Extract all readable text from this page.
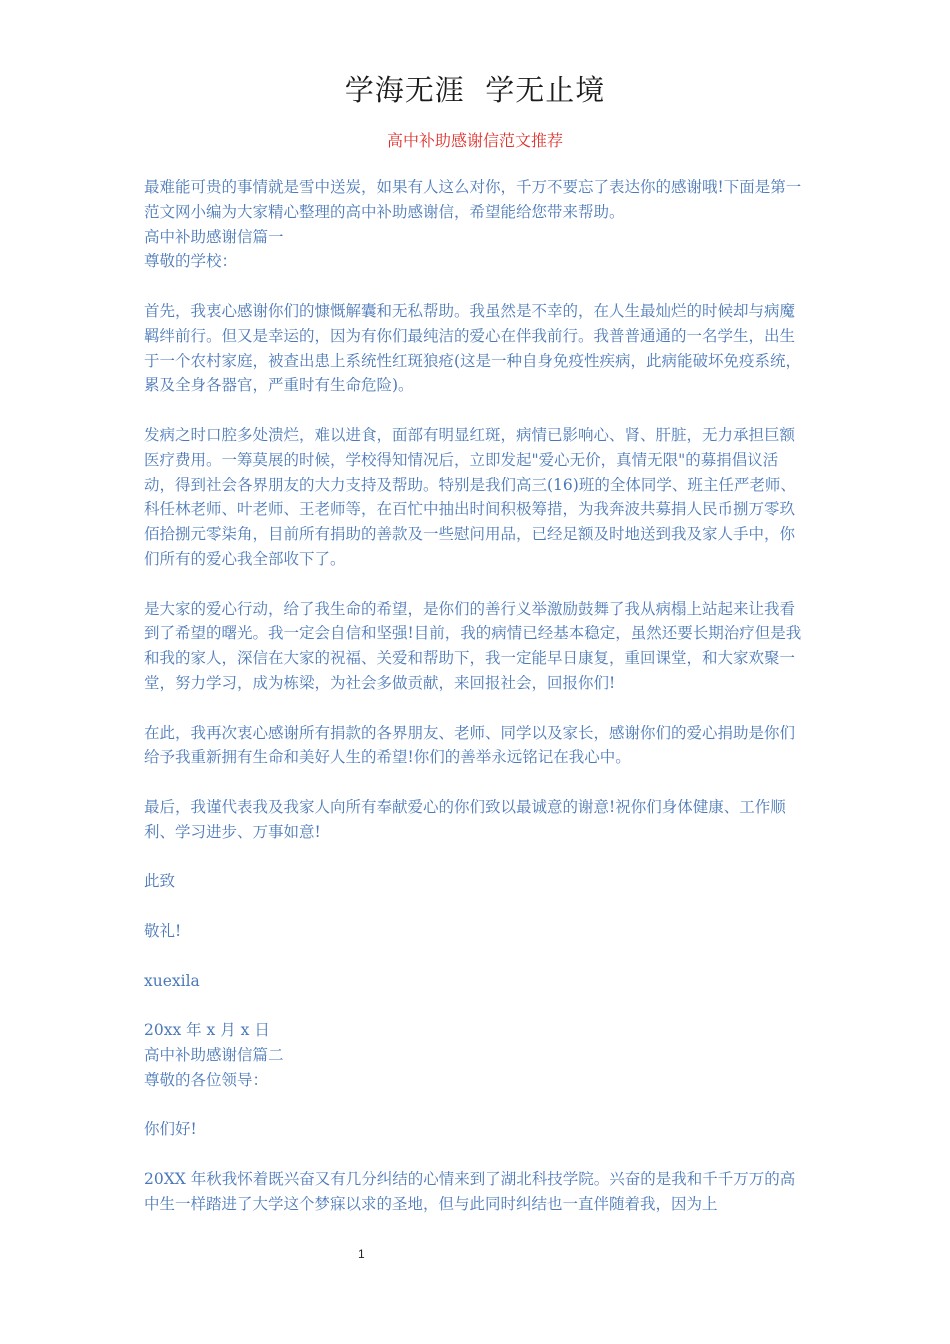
学海无涯  学无止境
高中补助感谢信范文推荐

最难能可贵的事情就是雪中送炭，如果有人这么对你，千万不要忘了表达你的感谢哦!下面是第一范文网小编为大家精心整理的高中补助感谢信，希望能给您带来帮助。
高中补助感谢信篇一
尊敬的学校：

首先，我衷心感谢你们的慷慨解囊和无私帮助。我虽然是不幸的，在人生最灿烂的时候却与病魔羁绊前行。但又是幸运的，因为有你们最纯洁的爱心在伴我前行。我普普通通的一名学生，出生于一个农村家庭，被查出患上系统性红斑狼疮(这是一种自身免疫性疾病，此病能破坏免疫系统，累及全身各器官，严重时有生命危险)。

发病之时口腔多处溃烂，难以进食，面部有明显红斑，病情已影响心、肾、肝脏，无力承担巨额医疗费用。一筹莫展的时候，学校得知情况后，立即发起"爱心无价，真情无限"的募捐倡议活动，得到社会各界朋友的大力支持及帮助。特别是我们高三(16)班的全体同学、班主任严老师、科任林老师、叶老师、王老师等，在百忙中抽出时间积极筹措，为我奔波共募捐人民币捌万零玖佰拾捌元零柒角，目前所有捐助的善款及一些慰问用品，已经足额及时地送到我及家人手中，你们所有的爱心我全部收下了。

是大家的爱心行动，给了我生命的希望，是你们的善行义举激励鼓舞了我从病榻上站起来让我看到了希望的曙光。我一定会自信和坚强!目前，我的病情已经基本稳定，虽然还要长期治疗但是我和我的家人，深信在大家的祝福、关爱和帮助下，我一定能早日康复，重回课堂，和大家欢聚一堂，努力学习，成为栋梁，为社会多做贡献，来回报社会，回报你们!

在此，我再次衷心感谢所有捐款的各界朋友、老师、同学以及家长，感谢你们的爱心捐助是你们给予我重新拥有生命和美好人生的希望!你们的善举永远铭记在我心中。

最后，我谨代表我及我家人向所有奉献爱心的你们致以最诚意的谢意!祝你们身体健康、工作顺利、学习进步、万事如意!

此致

敬礼!

xuexila

20xx 年 x 月 x 日
高中补助感谢信篇二
尊敬的各位领导：

你们好!

20XX 年秋我怀着既兴奋又有几分纠结的心情来到了湖北科技学院。兴奋的是我和千千万万的高中生一样踏进了大学这个梦寐以求的圣地，但与此同时纠结也一直伴随着我，因为上

1
